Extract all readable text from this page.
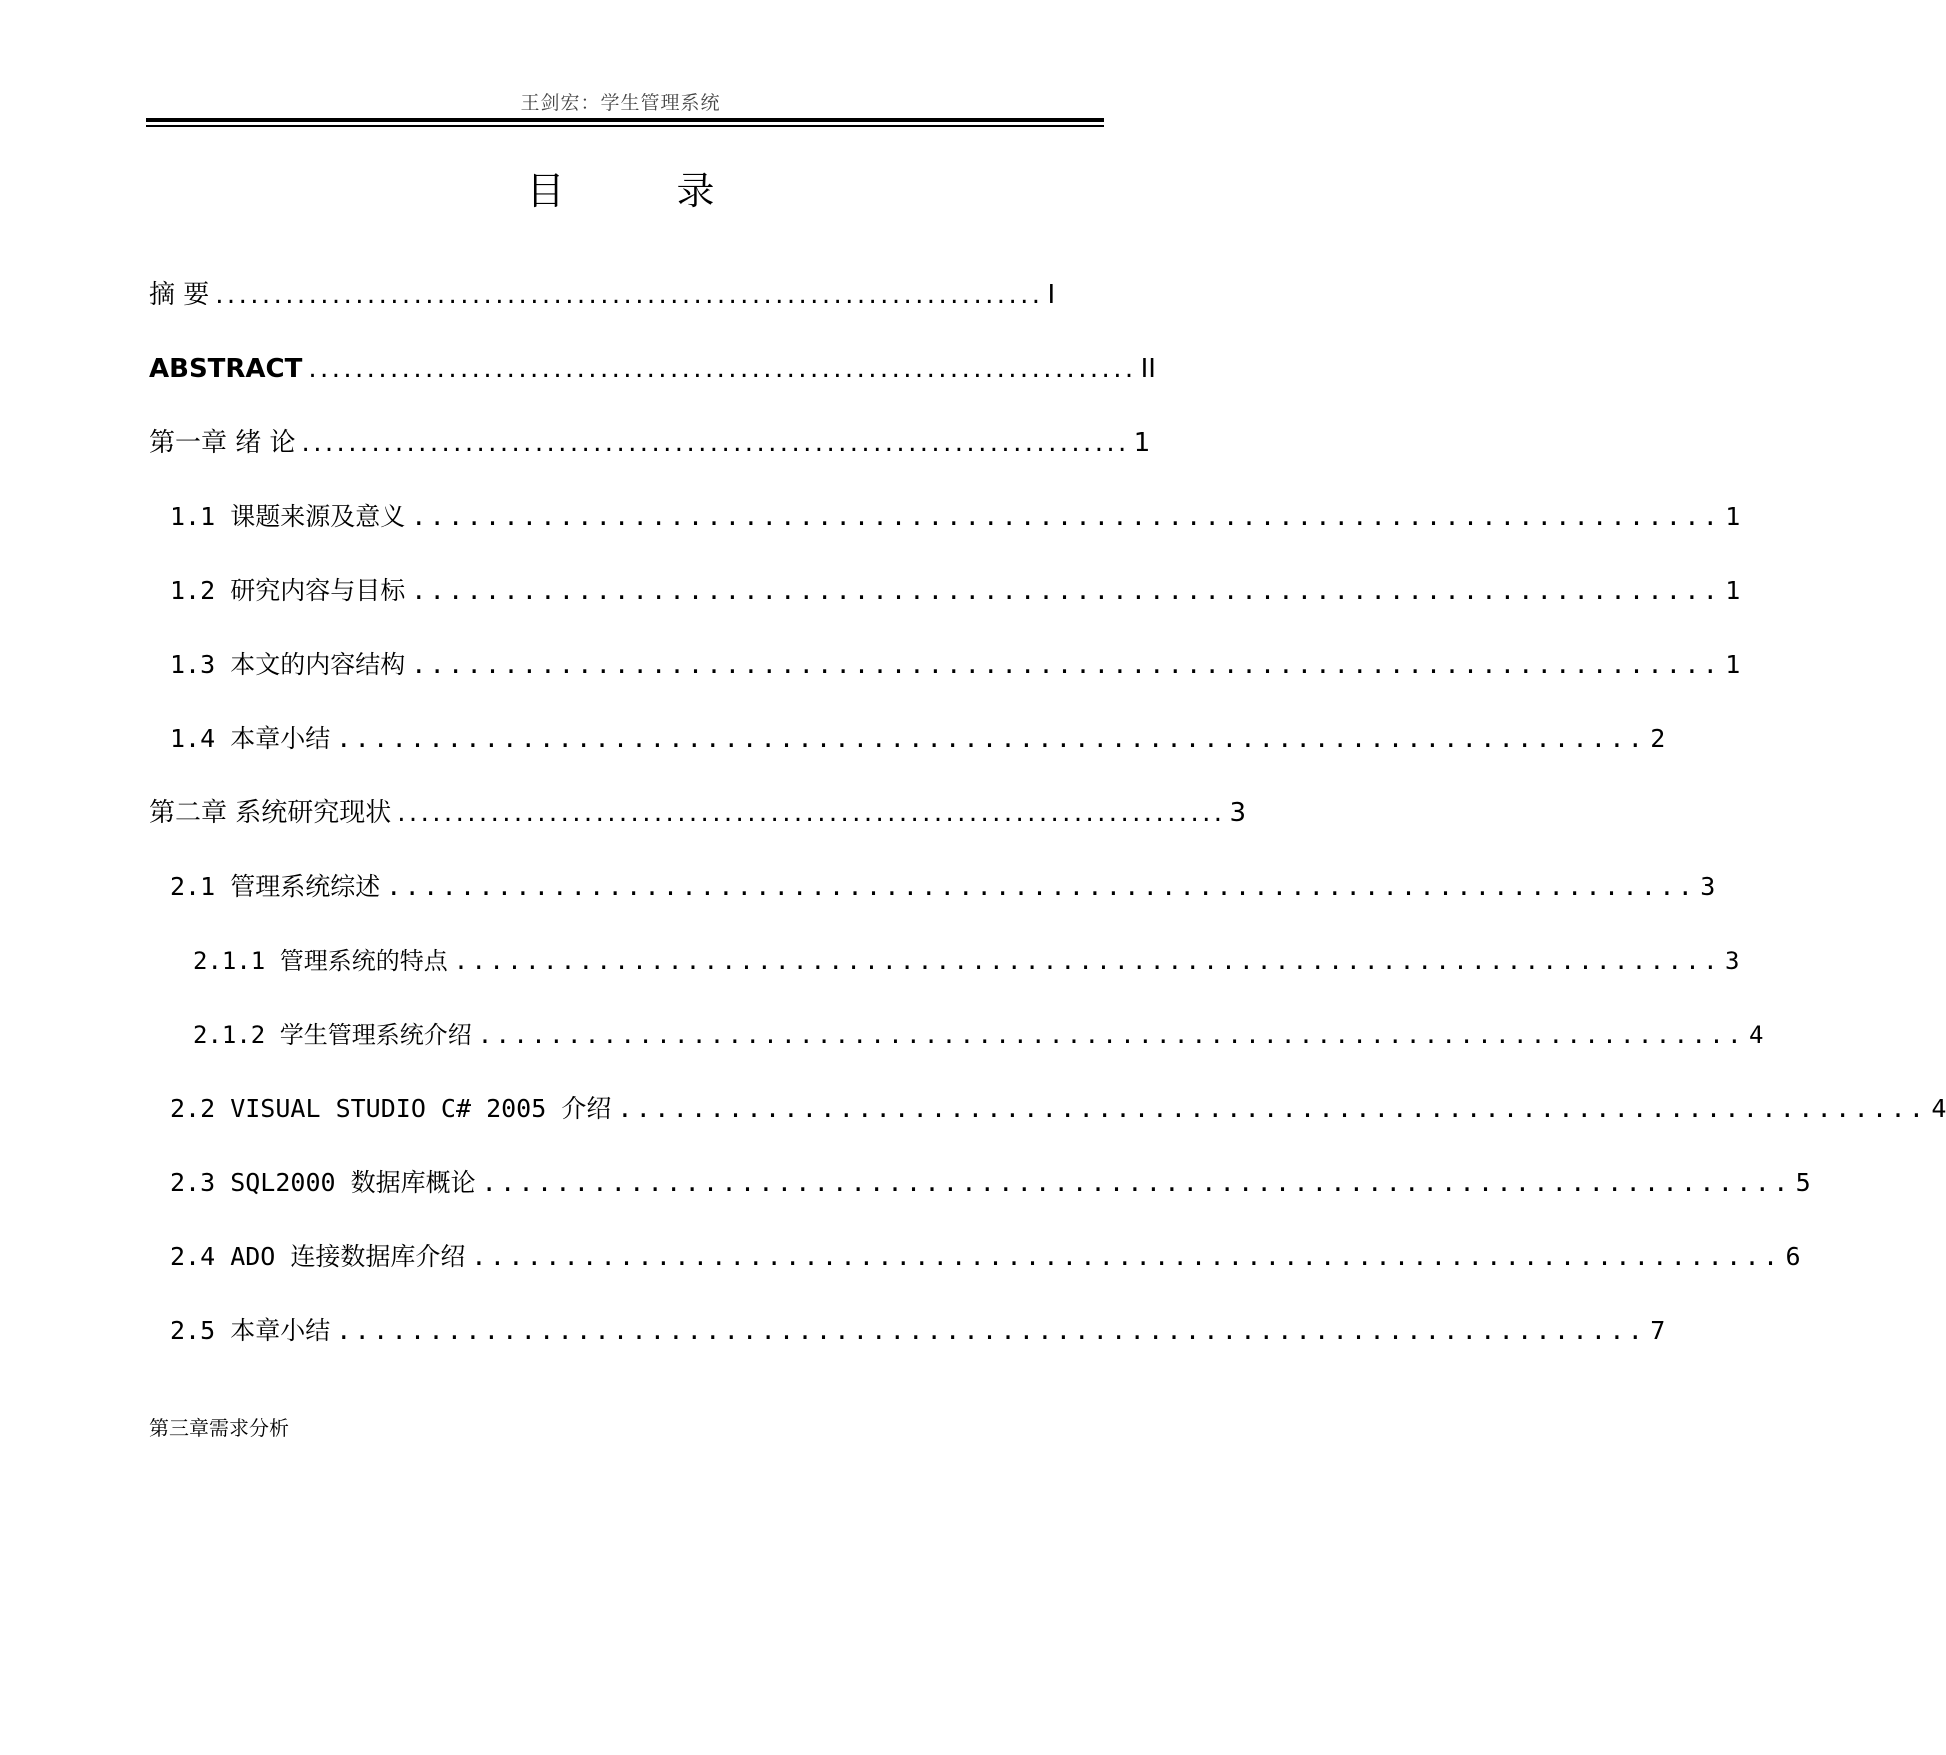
王剑宏：学生管理系统
目 录
摘 要 ....................................................................... I
ABSTRACT ....................................................................... II
第一章 绪 论 ....................................................................... 1
1.1 课题来源及意义 ....................................................................... 1
1.2 研究内容与目标 ....................................................................... 1
1.3 本文的内容结构 ....................................................................... 1
1.4 本章小结 ....................................................................... 2
第二章 系统研究现状 ....................................................................... 3
2.1 管理系统综述 ....................................................................... 3
2.1.1 管理系统的特点 ....................................................................... 3
2.1.2 学生管理系统介绍 ....................................................................... 4
2.2 VISUAL STUDIO C# 2005 介绍 ....................................................................... 4
2.3 SQL2000 数据库概论 ....................................................................... 5
2.4 ADO 连接数据库介绍 ....................................................................... 6
2.5 本章小结 ....................................................................... 7
第三章需求分析
